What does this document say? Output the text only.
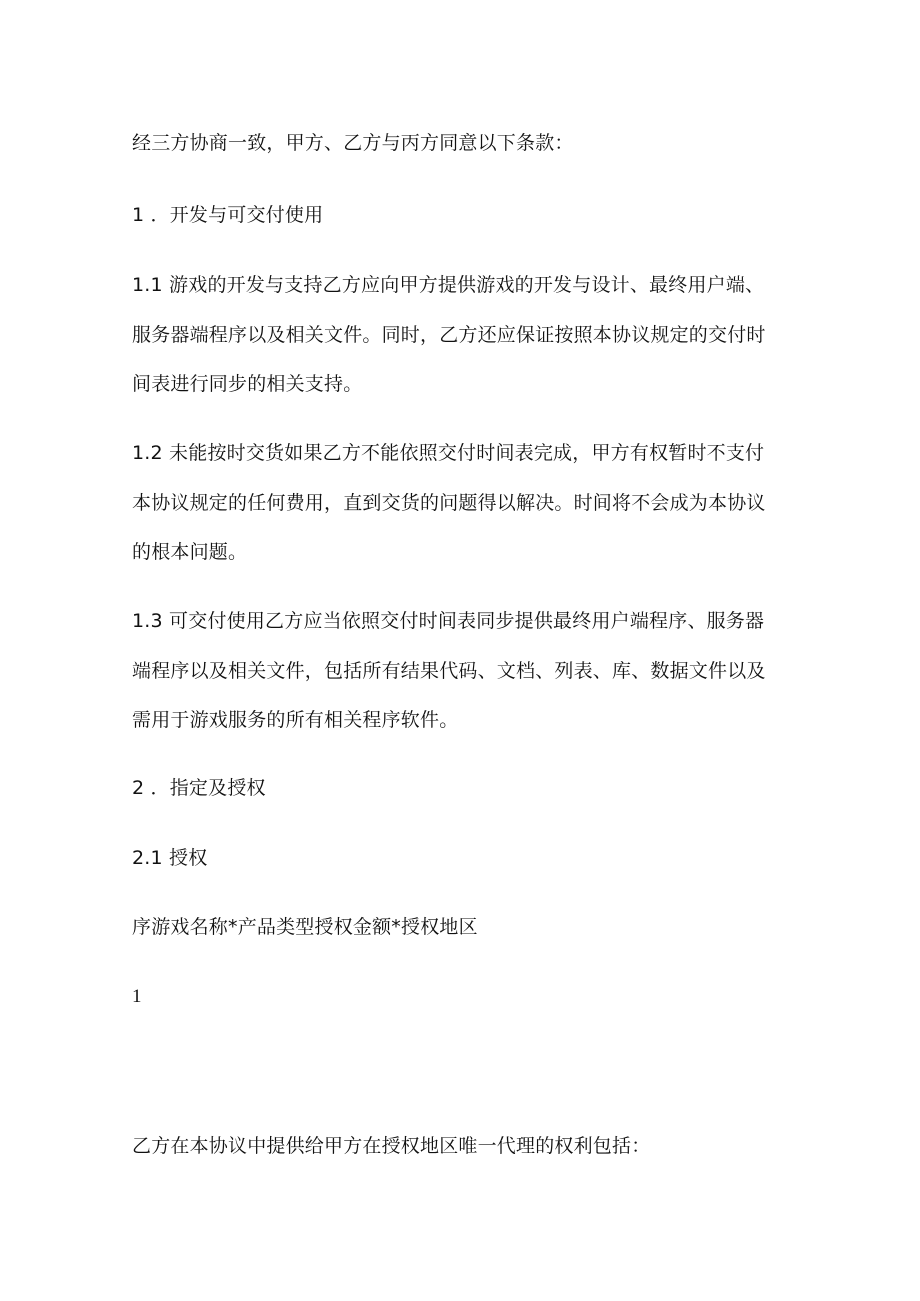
经三方协商一致，甲方、乙方与丙方同意以下条款：
1 ．开发与可交付使用
1.1 游戏的开发与支持乙方应向甲方提供游戏的开发与设计、最终用户端、
服务器端程序以及相关文件。同时，乙方还应保证按照本协议规定的交付时
间表进行同步的相关支持。
1.2 未能按时交货如果乙方不能依照交付时间表完成，甲方有权暂时不支付
本协议规定的任何费用，直到交货的问题得以解决。时间将不会成为本协议
的根本问题。
1.3 可交付使用乙方应当依照交付时间表同步提供最终用户端程序、服务器
端程序以及相关文件，包括所有结果代码、文档、列表、库、数据文件以及
需用于游戏服务的所有相关程序软件。
2 ．指定及授权
2.1 授权
序游戏名称*产品类型授权金额*授权地区
1
乙方在本协议中提供给甲方在授权地区唯一代理的权利包括：
